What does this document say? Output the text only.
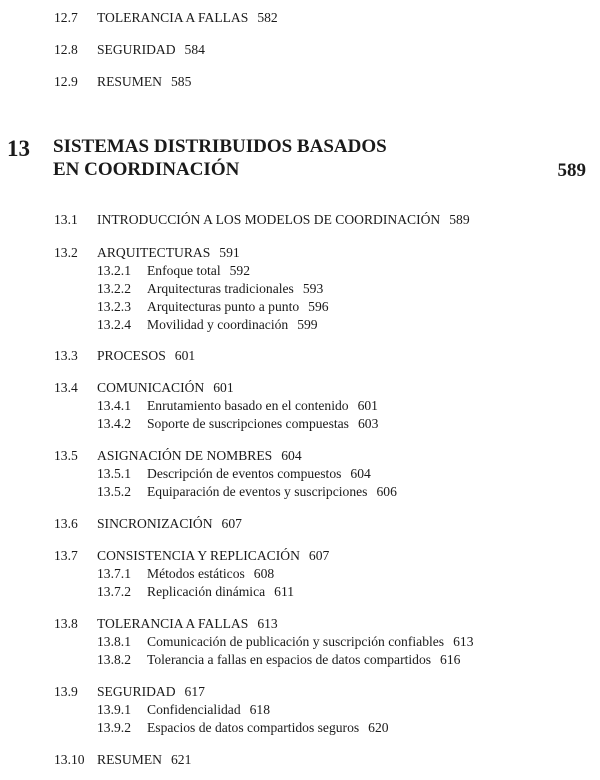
12.7 TOLERANCIA A FALLAS 582
12.8 SEGURIDAD 584
12.9 RESUMEN 585
13 SISTEMAS DISTRIBUIDOS BASADOS
EN COORDINACIÓN	589
13.1 INTRODUCCIÓN A LOS MODELOS DE COORDINACIÓN 589
13.2 ARQUITECTURAS 591
13.2.1 Enfoque total 592
13.2.2 Arquitecturas tradicionales 593
13.2.3 Arquitecturas punto a punto 596
13.2.4 Movilidad y coordinación 599
13.3 PROCESOS 601
13.4 COMUNICACIÓN 601
13.4.1 Enrutamiento basado en el contenido 601
13.4.2 Soporte de suscripciones compuestas 603
13.5 ASIGNACIÓN DE NOMBRES 604
13.5.1 Descripción de eventos compuestos 604
13.5.2 Equiparación de eventos y suscripciones 606
13.6 SINCRONIZACIÓN 607
13.7 CONSISTENCIA Y REPLICACIÓN 607
13.7.1 Métodos estáticos 608
13.7.2 Replicación dinámica 611
13.8 TOLERANCIA A FALLAS 613
13.8.1 Comunicación de publicación y suscripción confiables 613
13.8.2 Tolerancia a fallas en espacios de datos compartidos 616
13.9 SEGURIDAD 617
13.9.1 Confidencialidad 618
13.9.2 Espacios de datos compartidos seguros 620
13.10 RESUMEN 621
